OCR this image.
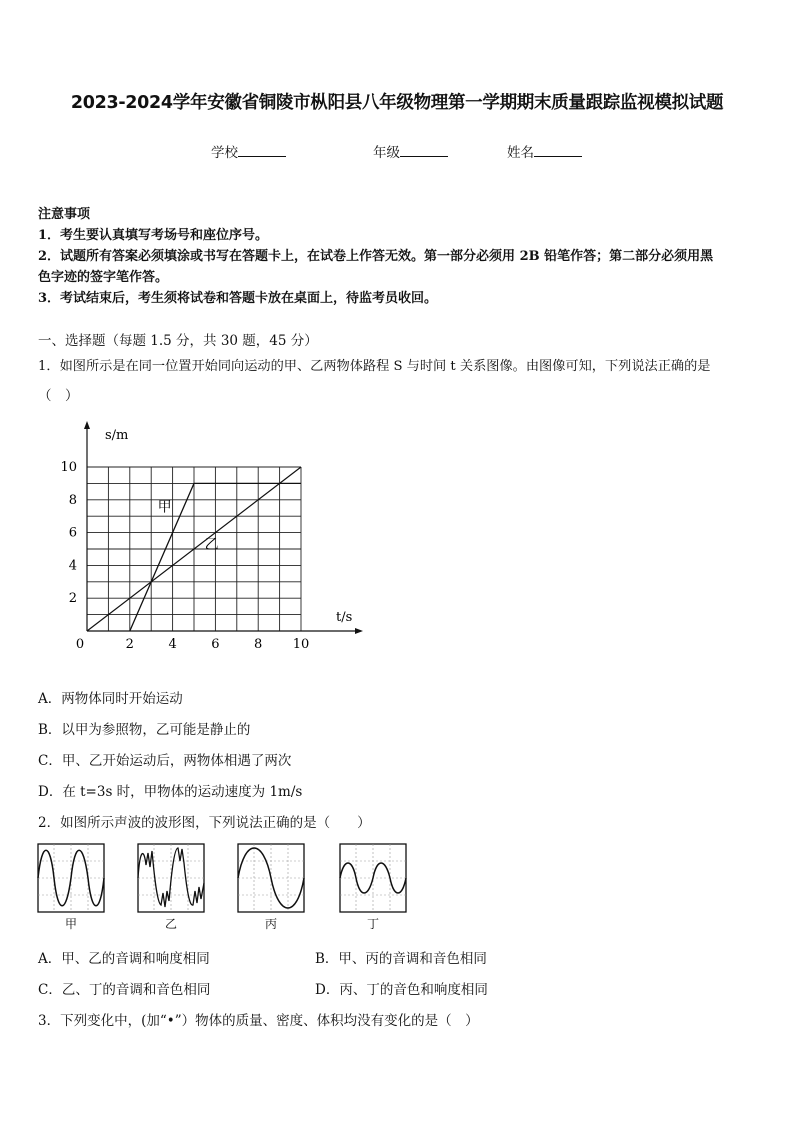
2023-2024学年安徽省铜陵市枞阳县八年级物理第一学期期末质量跟踪监视模拟试题
学校	年级	姓名
注意事项
1．考生要认真填写考场号和座位序号。
2．试题所有答案必须填涂或书写在答题卡上，在试卷上作答无效。第一部分必须用 2B 铅笔作答；第二部分必须用黑
色字迹的签字笔作答。
3．考试结束后，考生须将试卷和答题卡放在桌面上，待监考员收回。
一、选择题（每题 1.5 分，共 30 题，45 分）
1．如图所示是在同一位置开始同向运动的甲、乙两物体路程 S 与时间 t 关系图像。由图像可知，下列说法正确的是
（　）
t/s
s/m
0	2	4	6	8 10
2
4
6
8
10
甲
乙
A．两物体同时开始运动
B．以甲为参照物，乙可能是静止的
C．甲、乙开始运动后，两物体相遇了两次
D．在 t=3s 时，甲物体的运动速度为 1m/s
2．如图所示声波的波形图，下列说法正确的是（　　）
甲	乙	丙	丁
A．甲、乙的音调和响度相同	B．甲、丙的音调和音色相同
C．乙、丁的音调和音色相同	D．丙、丁的音色和响度相同
3．下列变化中，(加“•”）物体的质量、密度、体积均没有变化的是（　）
